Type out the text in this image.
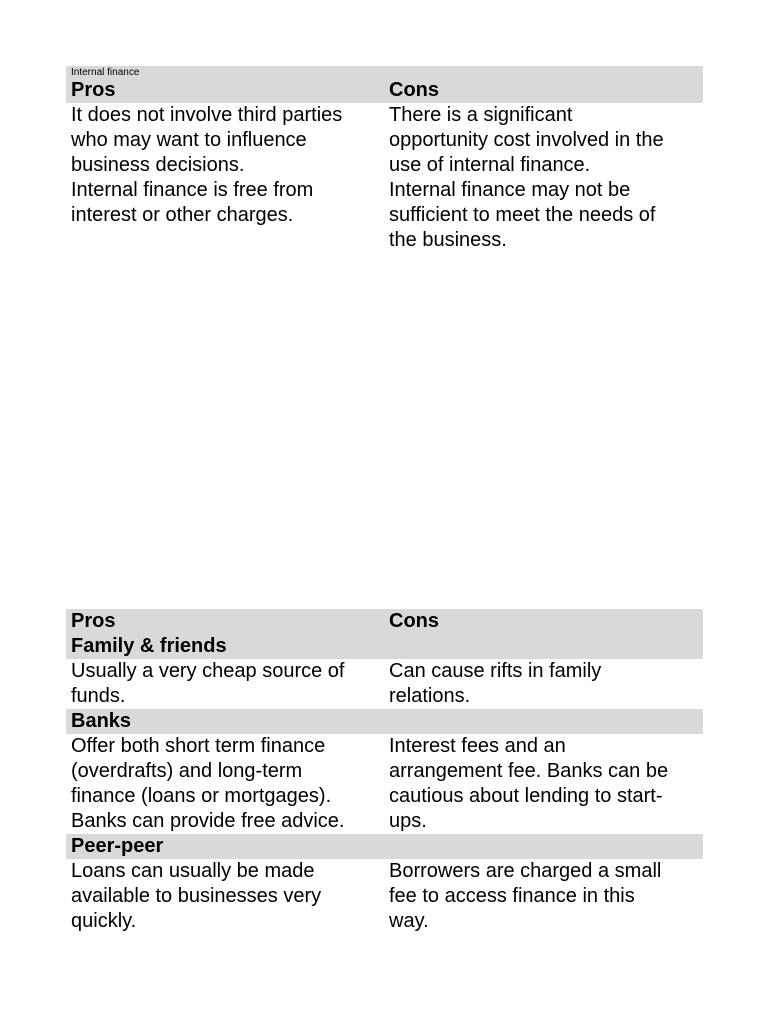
Internal finance
Pros	Cons
It does not involve third parties
who may want to influence
business decisions.
Internal finance is free from
interest or other charges.
There is a significant
opportunity cost involved in the
use of internal finance.
Internal finance may not be
sufficient to meet the needs of
the business.
Pros	Cons
Family & friends
Usually a very cheap source of
funds.
Can cause rifts in family
relations.
Banks
Offer both short term finance
(overdrafts) and long-term
finance (loans or mortgages).
Banks can provide free advice.
Interest fees and an
arrangement fee. Banks can be
cautious about lending to start-
ups.
Peer-peer
Loans can usually be made
available to businesses very
quickly.
Borrowers are charged a small
fee to access finance in this
way.
